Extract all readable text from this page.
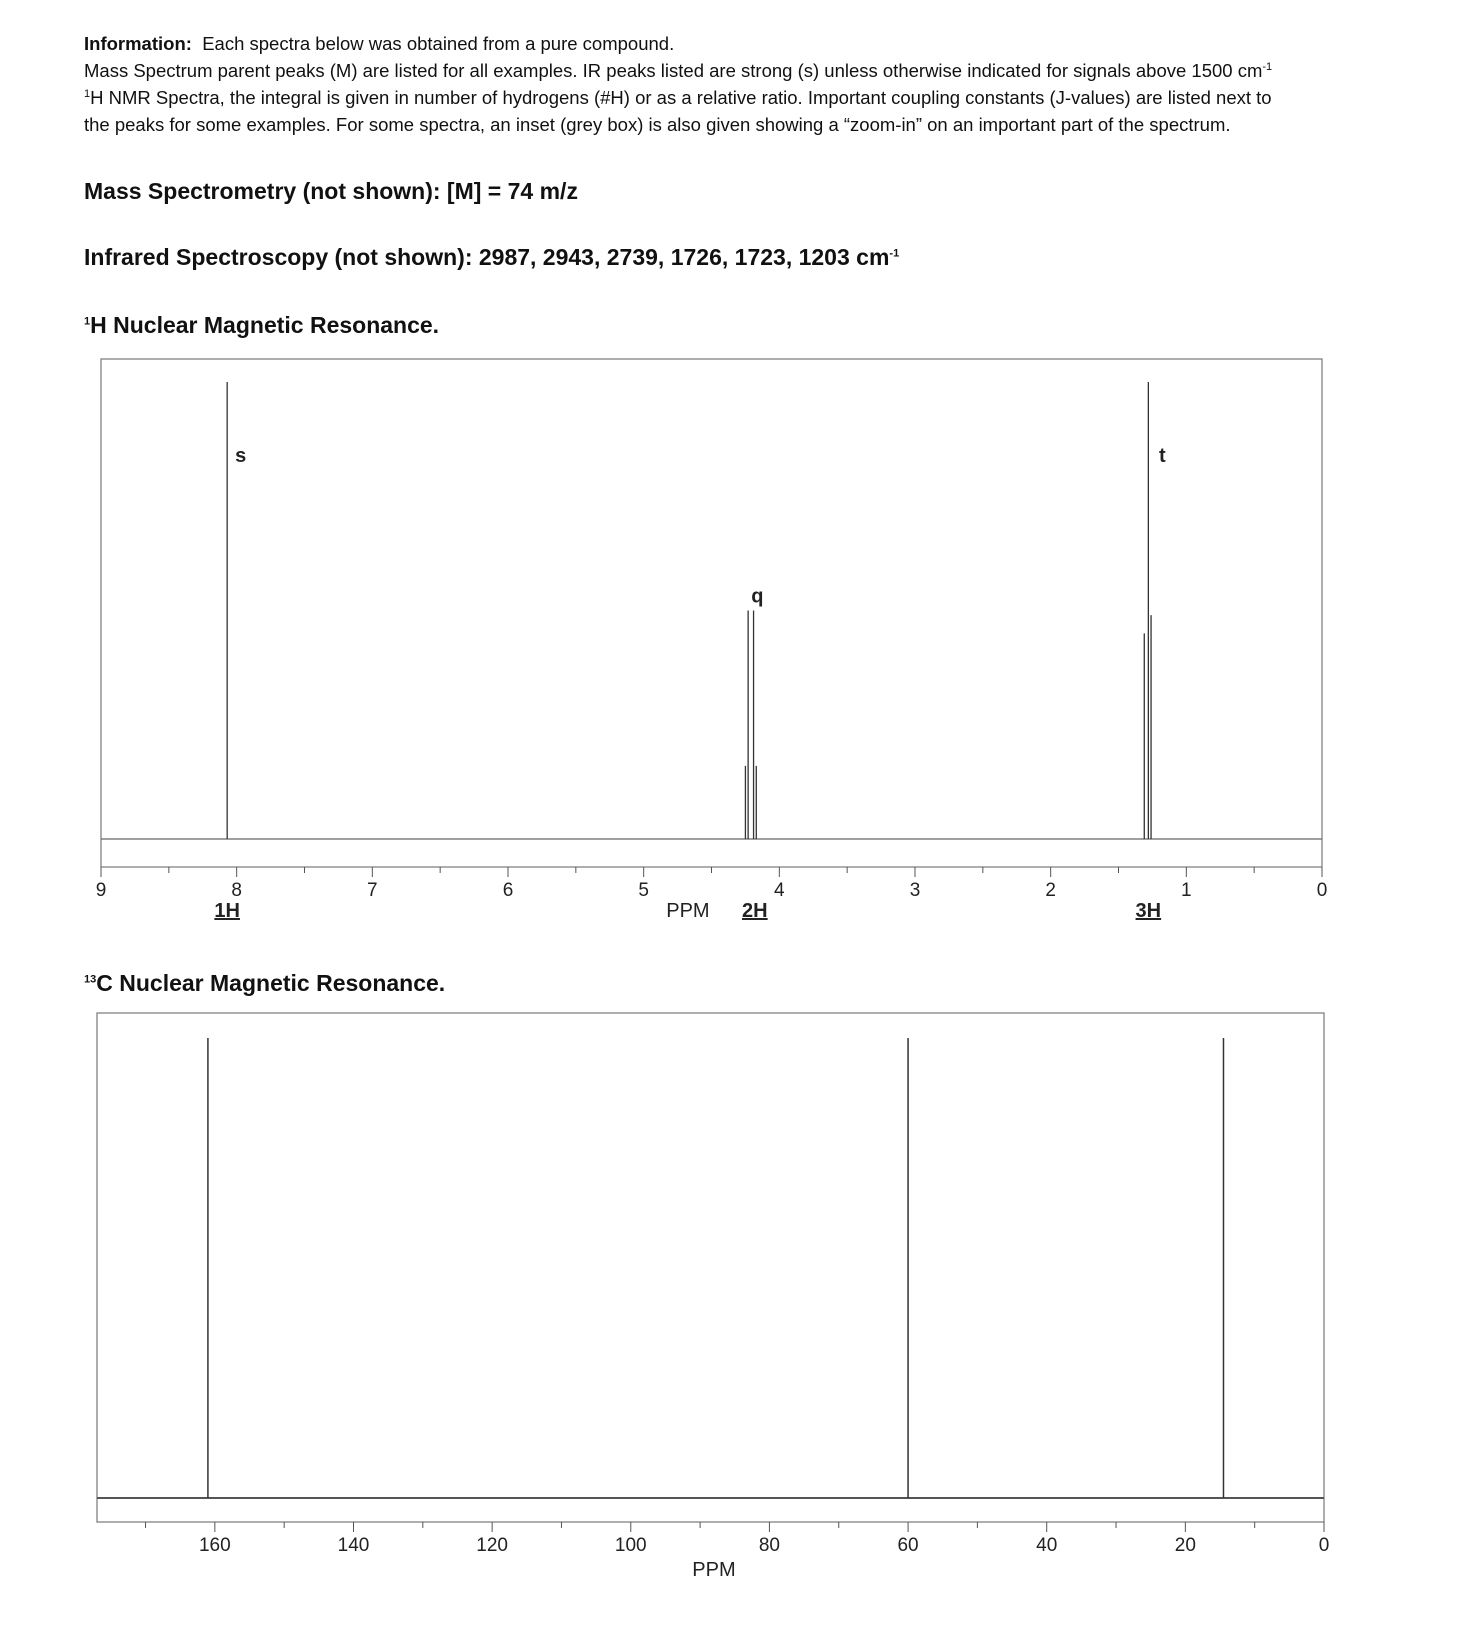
Information: Each spectra below was obtained from a pure compound.

Mass Spectrum parent peaks (M) are listed for all examples. IR peaks listed are strong (s) unless otherwise indicated for signals above 1500 $cm^{-1}$

$^1$H NMR Spectra, the integral is given in number of hydrogens (#H) or as a relative ratio. Important coupling constants (J-values) are listed next to

the peaks for some examples. For some spectra, an inset (grey box) is also given showing a “zoom-in” on an important part of the spectrum.

Mass Spectrometry (not shown): [M] = 74 m/z
Infrared Spectroscopy (not shown): 2987, 2943, 2739, 1726, 1723, 1203 $cm^{-1}$
$^1$H Nuclear Magnetic Resonance.
$^{13}$C Nuclear Magnetic Resonance.
9	8	7	6	5	4	3	2	1	0
s
1H
q
2H
t
3H
PPM
160	140	120	100	80	60	40	20	0
PPM
